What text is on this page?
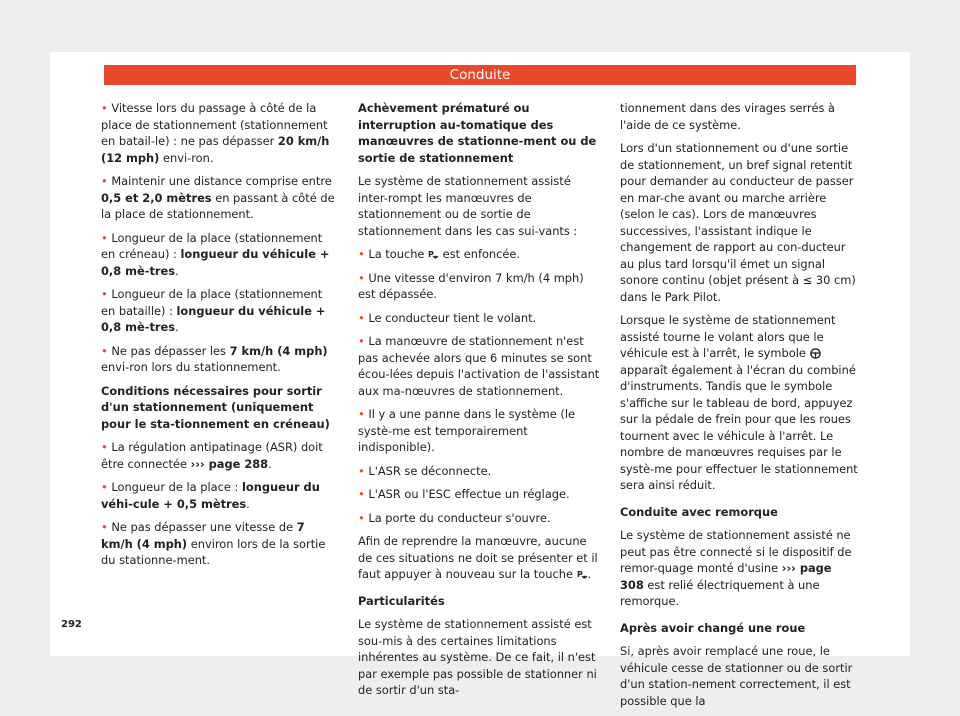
Conduite

• Vitesse lors du passage à côté de la place de stationnement (stationnement en batail-le) : ne pas dépasser 20 km/h (12 mph) envi-ron.

• Maintenir une distance comprise entre 0,5 et 2,0 mètres en passant à côté de la place de stationnement.

• Longueur de la place (stationnement en créneau) : longueur du véhicule + 0,8 mè-tres.

• Longueur de la place (stationnement en bataille) : longueur du véhicule + 0,8 mè-tres.

• Ne pas dépasser les 7 km/h (4 mph) envi-ron lors du stationnement.

Conditions nécessaires pour sortir d'un stationnement (uniquement pour le sta-tionnement en créneau)

• La régulation antipatinage (ASR) doit être connectée ››› page 288.

• Longueur de la place : longueur du véhi-cule + 0,5 mètres.

• Ne pas dépasser une vitesse de 7 km/h (4 mph) environ lors de la sortie du stationne-ment.

Achèvement prématuré ou interruption au-tomatique des manœuvres de stationne-ment ou de sortie de stationnement

Le système de stationnement assisté inter-rompt les manœuvres de stationnement ou de sortie de stationnement dans les cas sui-vants :

• La touche P est enfoncée.

• Une vitesse d'environ 7 km/h (4 mph) est dépassée.

• Le conducteur tient le volant.

• La manœuvre de stationnement n'est pas achevée alors que 6 minutes se sont écou-lées depuis l'activation de l'assistant aux ma-nœuvres de stationnement.

• Il y a une panne dans le système (le systè-me est temporairement indisponible).

• L'ASR se déconnecte.

• L'ASR ou l'ESC effectue un réglage.

• La porte du conducteur s'ouvre.

Afin de reprendre la manœuvre, aucune de ces situations ne doit se présenter et il faut appuyer à nouveau sur la touche P .

Particularités

Le système de stationnement assisté est sou-mis à des certaines limitations inhérentes au système. De ce fait, il n'est par exemple pas possible de stationner ni de sortir d'un sta-

tionnement dans des virages serrés à l'aide de ce système.

Lors d'un stationnement ou d'une sortie de stationnement, un bref signal retentit pour demander au conducteur de passer en mar-che avant ou marche arrière (selon le cas). Lors de manœuvres successives, l'assistant indique le changement de rapport au con-ducteur au plus tard lorsqu'il émet un signal sonore continu (objet présent à ≤ 30 cm) dans le Park Pilot.

Lorsque le système de stationnement assisté tourne le volant alors que le véhicule est à l'arrêt, le symbole
apparaît également à l'écran du combiné d'instruments. Tandis que le symbole s'affiche sur le tableau de bord, appuyez sur la pédale de frein pour que les roues tournent avec le véhicule à l'arrêt. Le nombre de manœuvres requises par le systè-me pour effectuer le stationnement sera ainsi réduit.

Conduite avec remorque

Le système de stationnement assisté ne peut pas être connecté si le dispositif de remor-quage monté d'usine ››› page 308 est relié électriquement à une remorque.

Après avoir changé une roue

Si, après avoir remplacé une roue, le véhicule cesse de stationner ou de sortir d'un station-nement correctement, il est possible que la

292
